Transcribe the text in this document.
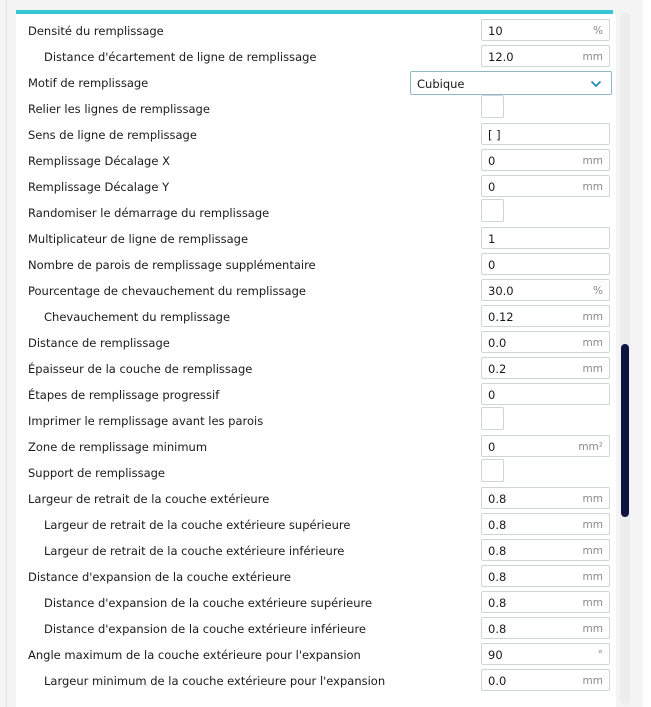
Densité du remplissage	10	%
Distance d'écartement de ligne de remplissage	12.0	mm
Motif de remplissage	Cubique
Relier les lignes de remplissage
Sens de ligne de remplissage	[ ]
Remplissage Décalage X	0	mm
Remplissage Décalage Y	0	mm
Randomiser le démarrage du remplissage
Multiplicateur de ligne de remplissage	1
Nombre de parois de remplissage supplémentaire	0
Pourcentage de chevauchement du remplissage	30.0	%
Chevauchement du remplissage	0.12	mm
Distance de remplissage	0.0	mm
Épaisseur de la couche de remplissage	0.2	mm
Étapes de remplissage progressif	0
Imprimer le remplissage avant les parois
Zone de remplissage minimum	0	mm²
Support de remplissage
Largeur de retrait de la couche extérieure	0.8	mm
Largeur de retrait de la couche extérieure supérieure	0.8	mm
Largeur de retrait de la couche extérieure inférieure	0.8	mm
Distance d'expansion de la couche extérieure	0.8	mm
Distance d'expansion de la couche extérieure supérieure	0.8	mm
Distance d'expansion de la couche extérieure inférieure	0.8	mm
Angle maximum de la couche extérieure pour l'expansion	90	°
Largeur minimum de la couche extérieure pour l'expansion	0.0	mm
